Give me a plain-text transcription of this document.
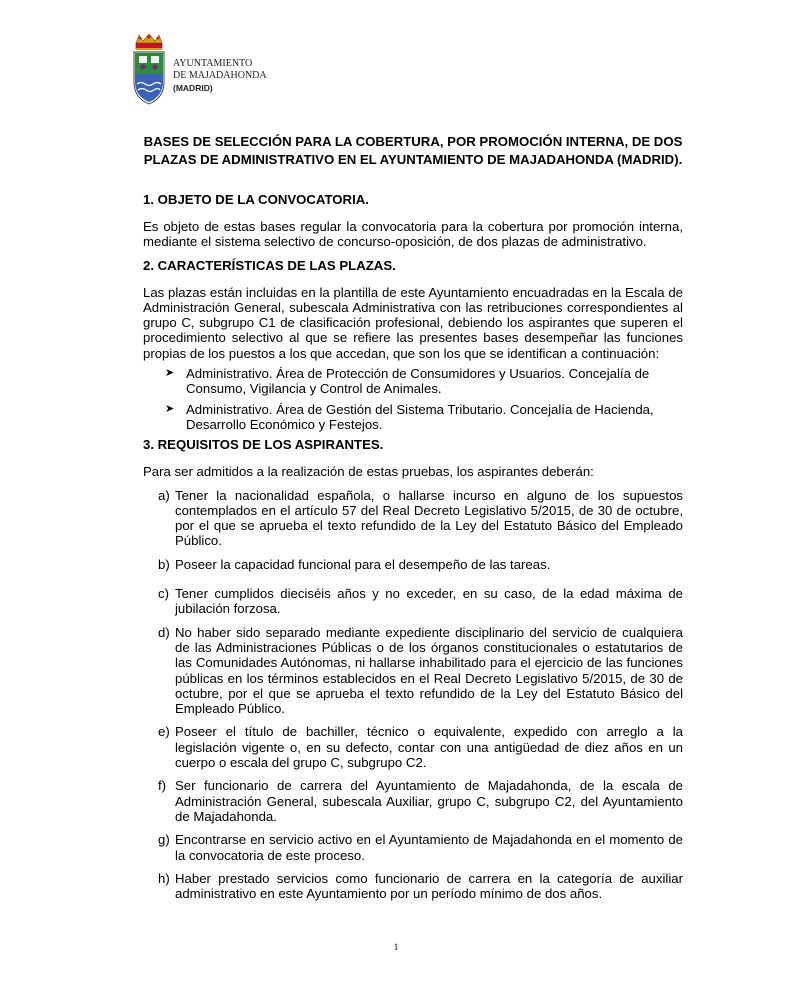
AYUNTAMIENTO
DE MAJADAHONDA
(MADRID)
BASES DE SELECCIÓN PARA LA COBERTURA, POR PROMOCIÓN INTERNA, DE DOS PLAZAS DE ADMINISTRATIVO EN EL AYUNTAMIENTO DE MAJADAHONDA (MADRID).
1. OBJETO DE LA CONVOCATORIA.

Es objeto de estas bases regular la convocatoria para la cobertura por promoción interna, mediante el sistema selectivo de concurso-oposición, de dos plazas de administrativo.

2. CARACTERÍSTICAS DE LAS PLAZAS.

Las plazas están incluidas en la plantilla de este Ayuntamiento encuadradas en la Escala de Administración General, subescala Administrativa con las retribuciones correspondientes al grupo C, subgrupo C1 de clasificación profesional, debiendo los aspirantes que superen el procedimiento selectivo al que se refiere las presentes bases desempeñar las funciones propias de los puestos a los que accedan, que son los que se identifican a continuación:

➤ Administrativo. Área de Protección de Consumidores y Usuarios. Concejalía de Consumo, Vigilancia y Control de Animales.
➤ Administrativo. Área de Gestión del Sistema Tributario. Concejalía de Hacienda, Desarrollo Económico y Festejos.
3. REQUISITOS DE LOS ASPIRANTES.

Para ser admitidos a la realización de estas pruebas, los aspirantes deberán:

a) Tener la nacionalidad española, o hallarse incurso en alguno de los supuestos contemplados en el artículo 57 del Real Decreto Legislativo 5/2015, de 30 de octubre, por el que se aprueba el texto refundido de la Ley del Estatuto Básico del Empleado Público.
b) Poseer la capacidad funcional para el desempeño de las tareas.
c) Tener cumplidos dieciséis años y no exceder, en su caso, de la edad máxima de jubilación forzosa.
d) No haber sido separado mediante expediente disciplinario del servicio de cualquiera de las Administraciones Públicas o de los órganos constitucionales o estatutarios de las Comunidades Autónomas, ni hallarse inhabilitado para el ejercicio de las funciones públicas en los términos establecidos en el Real Decreto Legislativo 5/2015, de 30 de octubre, por el que se aprueba el texto refundido de la Ley del Estatuto Básico del Empleado Público.
e) Poseer el título de bachiller, técnico o equivalente, expedido con arreglo a la legislación vigente o, en su defecto, contar con una antigüedad de diez años en un cuerpo o escala del grupo C, subgrupo C2.
f) Ser funcionario de carrera del Ayuntamiento de Majadahonda, de la escala de Administración General, subescala Auxiliar, grupo C, subgrupo C2, del Ayuntamiento de Majadahonda.
g) Encontrarse en servicio activo en el Ayuntamiento de Majadahonda en el momento de la convocatoria de este proceso.
h) Haber prestado servicios como funcionario de carrera en la categoría de auxiliar administrativo en este Ayuntamiento por un período mínimo de dos años.
1
